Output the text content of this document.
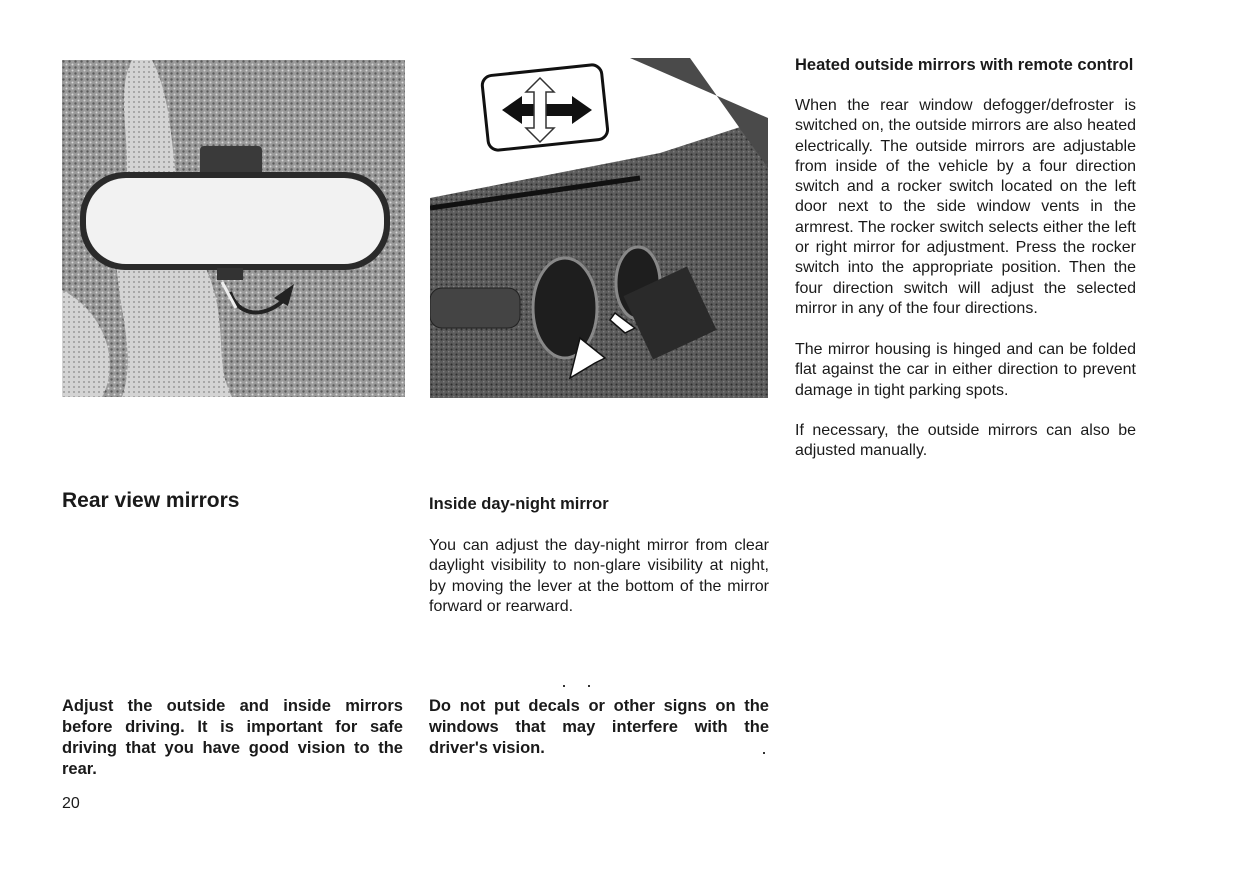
Heated outside mirrors with remote control

When the rear window defogger/defroster is switched on, the outside mirrors are also heated electrically. The outside mirrors are adjustable from inside of the vehicle by a four direction switch and a rocker switch located on the left door next to the side window vents in the armrest. The rocker switch selects either the left or right mirror for adjustment. Press the rocker switch into the appropriate position. Then the four direction switch will adjust the selected mirror in any of the four directions.

The mirror housing is hinged and can be folded flat against the car in either direction to prevent damage in tight parking spots.

If necessary, the outside mirrors can also be adjusted manually.

Rear view mirrors	Inside day-night mirror

You can adjust the day-night mirror from clear daylight visibility to non-glare visibility at night, by moving the lever at the bottom of the mirror forward or rearward.

Adjust the outside and inside mirrors before driving. It is important for safe driving that you have good vision to the rear.

Do not put decals or other signs on the windows that may interfere with the driver's vision.

20
